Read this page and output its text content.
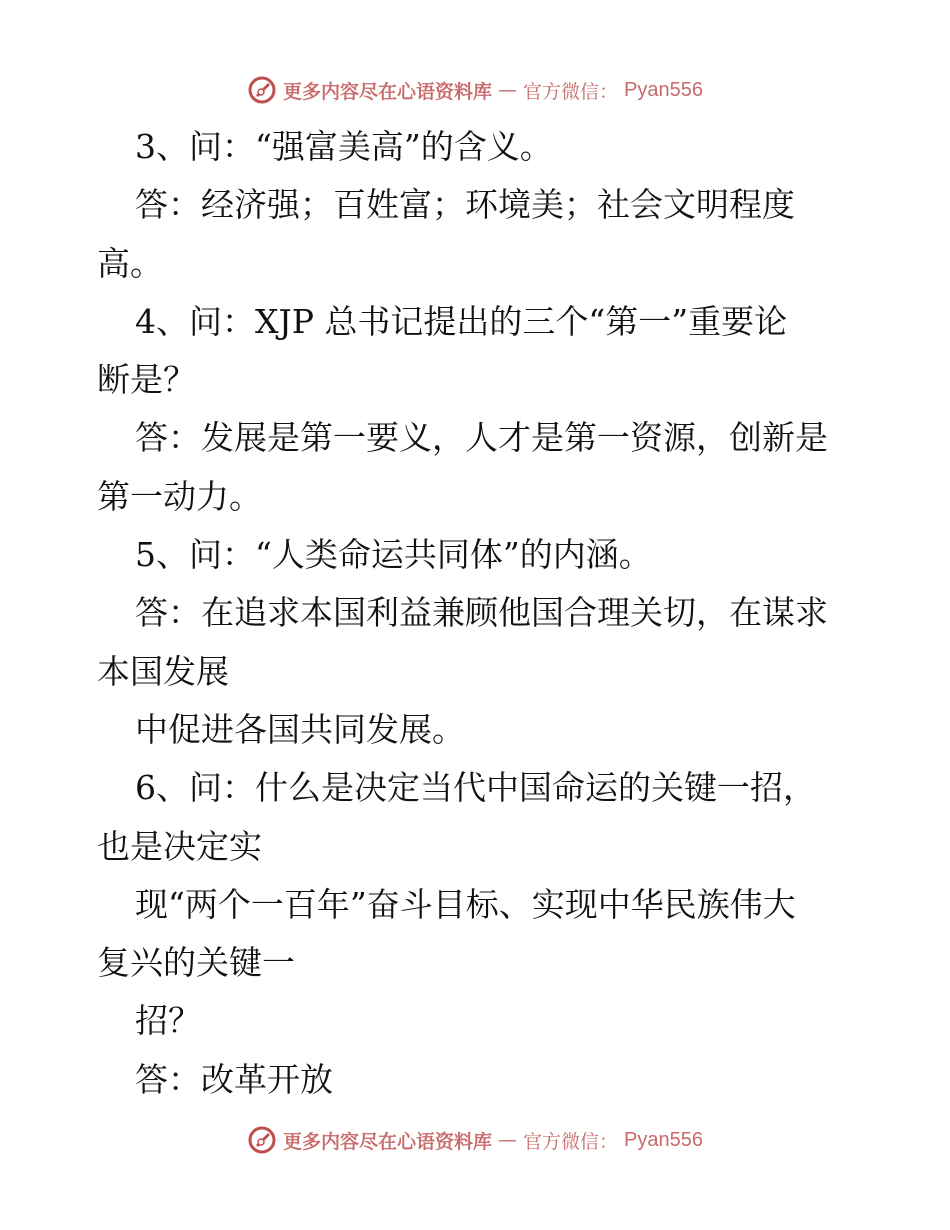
更多内容尽在心语资料库 — 官方微信： Pyan556
3、问：“强富美高”的含义。
答：经济强；百姓富；环境美；社会文明程度
高。
4、问：XJP 总书记提出的三个“第一”重要论
断是？
答：发展是第一要义，人才是第一资源，创新是
第一动力。
5、问：“人类命运共同体”的内涵。
答：在追求本国利益兼顾他国合理关切，在谋求
本国发展
中促进各国共同发展。
6、问：什么是决定当代中国命运的关键一招，
也是决定实
现“两个一百年”奋斗目标、实现中华民族伟大
复兴的关键一
招？
答：改革开放
更多内容尽在心语资料库 — 官方微信： Pyan556
